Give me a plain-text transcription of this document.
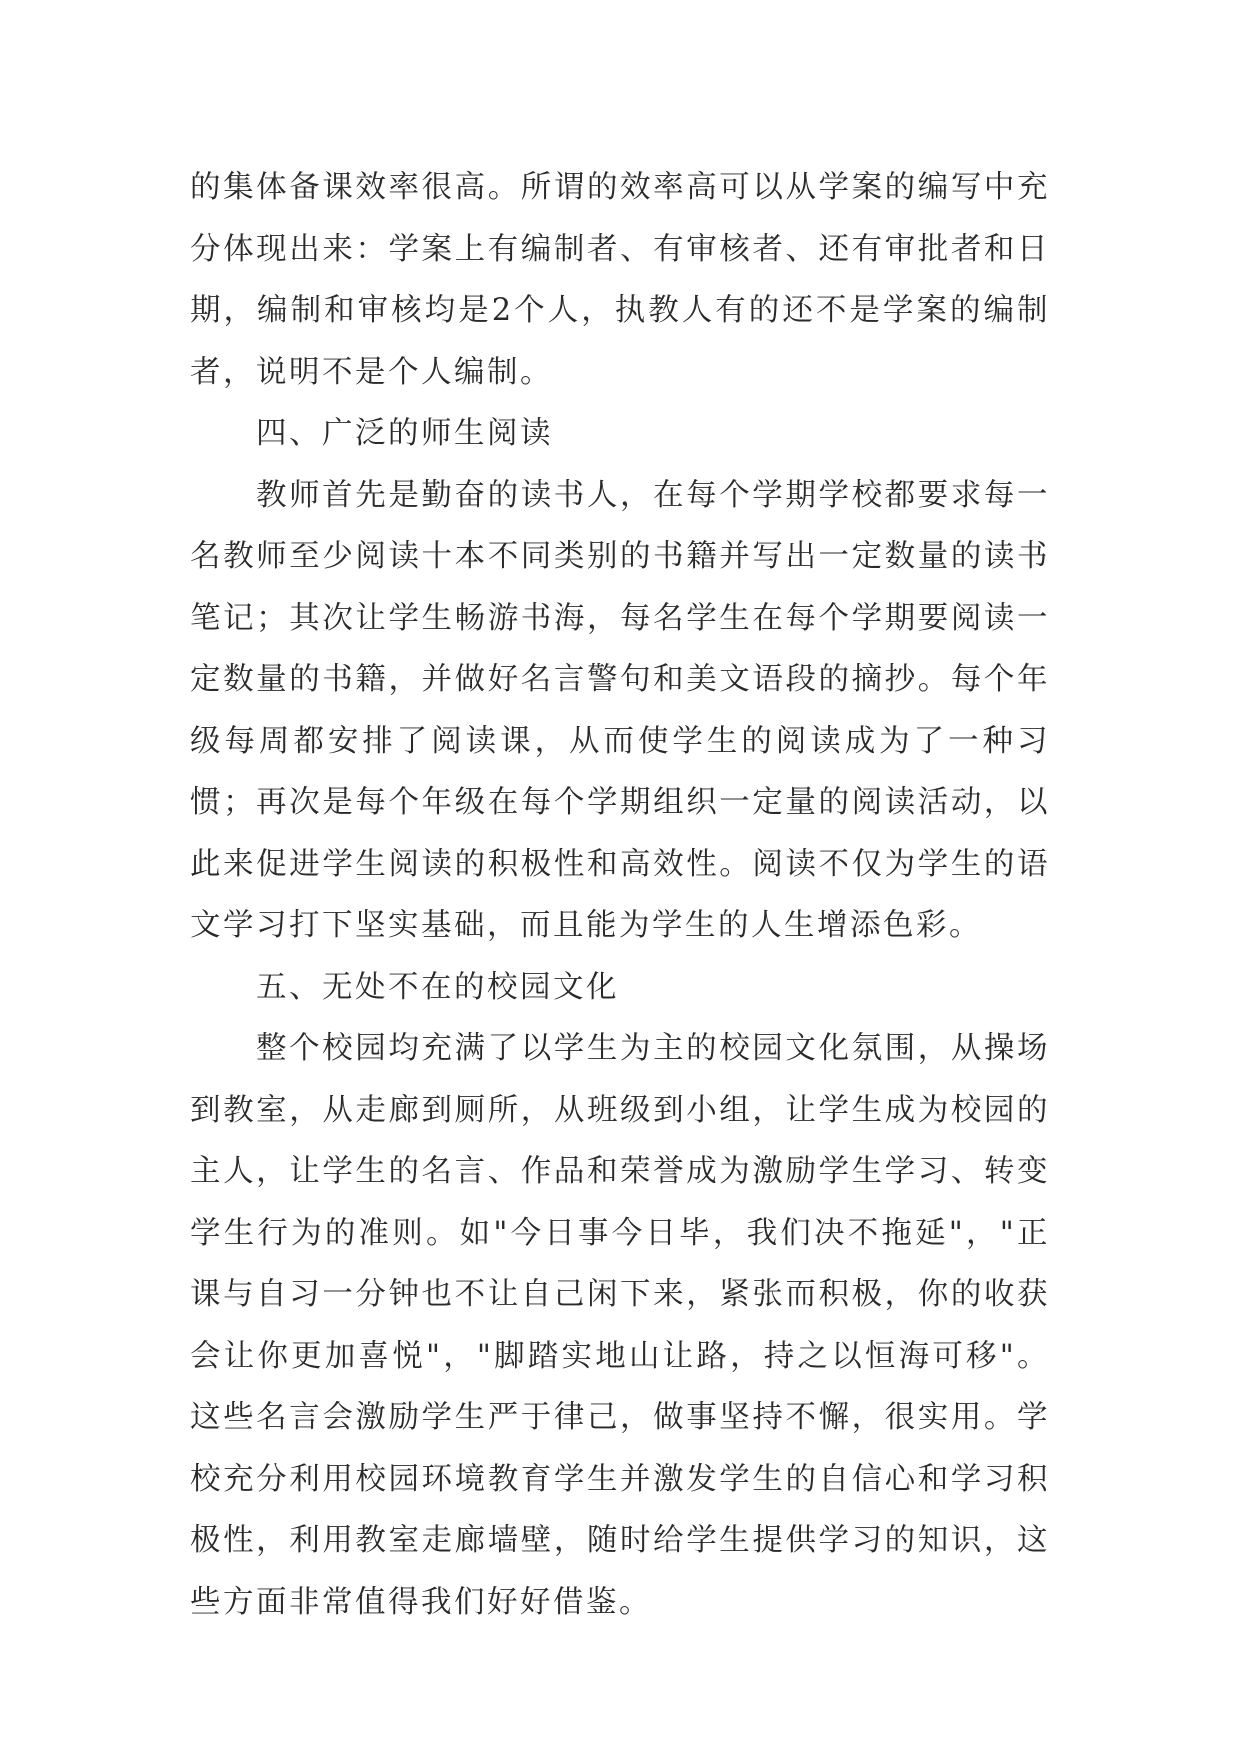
的集体备课效率很高。所谓的效率高可以从学案的编写中充分体现出来：学案上有编制者、有审核者、还有审批者和日期，编制和审核均是2个人，执教人有的还不是学案的编制者，说明不是个人编制。

四、广泛的师生阅读

教师首先是勤奋的读书人，在每个学期学校都要求每一名教师至少阅读十本不同类别的书籍并写出一定数量的读书笔记；其次让学生畅游书海，每名学生在每个学期要阅读一定数量的书籍，并做好名言警句和美文语段的摘抄。每个年级每周都安排了阅读课，从而使学生的阅读成为了一种习惯；再次是每个年级在每个学期组织一定量的阅读活动，以此来促进学生阅读的积极性和高效性。阅读不仅为学生的语文学习打下坚实基础，而且能为学生的人生增添色彩。

五、无处不在的校园文化

整个校园均充满了以学生为主的校园文化氛围，从操场到教室，从走廊到厕所，从班级到小组，让学生成为校园的主人，让学生的名言、作品和荣誉成为激励学生学习、转变学生行为的准则。如"今日事今日毕，我们决不拖延"，"正课与自习一分钟也不让自己闲下来，紧张而积极，你的收获会让你更加喜悦"，"脚踏实地山让路，持之以恒海可移"。这些名言会激励学生严于律己，做事坚持不懈，很实用。学校充分利用校园环境教育学生并激发学生的自信心和学习积极性，利用教室走廊墙壁，随时给学生提供学习的知识，这些方面非常值得我们好好借鉴。
